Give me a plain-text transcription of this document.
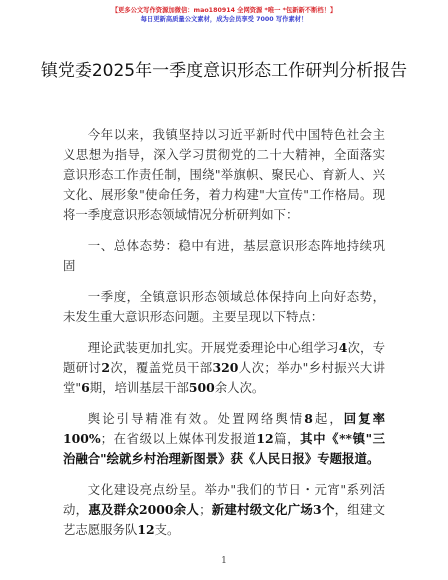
【更多公文写作资源加微信：mao180914 全网资源 *唯一 *包新新不断档！】
每日更新高质量公文素材，成为会员享受 7000 写作素材！
镇党委2025年一季度意识形态工作研判分析报告

今年以来，我镇坚持以习近平新时代中国特色社会主义思想为指导，深入学习贯彻党的二十大精神，全面落实意识形态工作责任制，围绕"举旗帜、聚民心、育新人、兴文化、展形象"使命任务，着力构建"大宣传"工作格局。现将一季度意识形态领域情况分析研判如下：

一、总体态势：稳中有进，基层意识形态阵地持续巩固

一季度，全镇意识形态领域总体保持向上向好态势，未发生重大意识形态问题。主要呈现以下特点：

理论武装更加扎实。开展党委理论中心组学习4次，专题研讨2次，覆盖党员干部320人次；举办"乡村振兴大讲堂"6期，培训基层干部500余人次。

舆论引导精准有效。处置网络舆情8起，回复率100%；在省级以上媒体刊发报道12篇，其中《**镇"三治融合"绘就乡村治理新图景》获《人民日报》专题报道。

文化建设亮点纷呈。举办"我们的节日・元宵"系列活动，惠及群众2000余人；新建村级文化广场3个，组建文艺志愿服务队12支。

1
